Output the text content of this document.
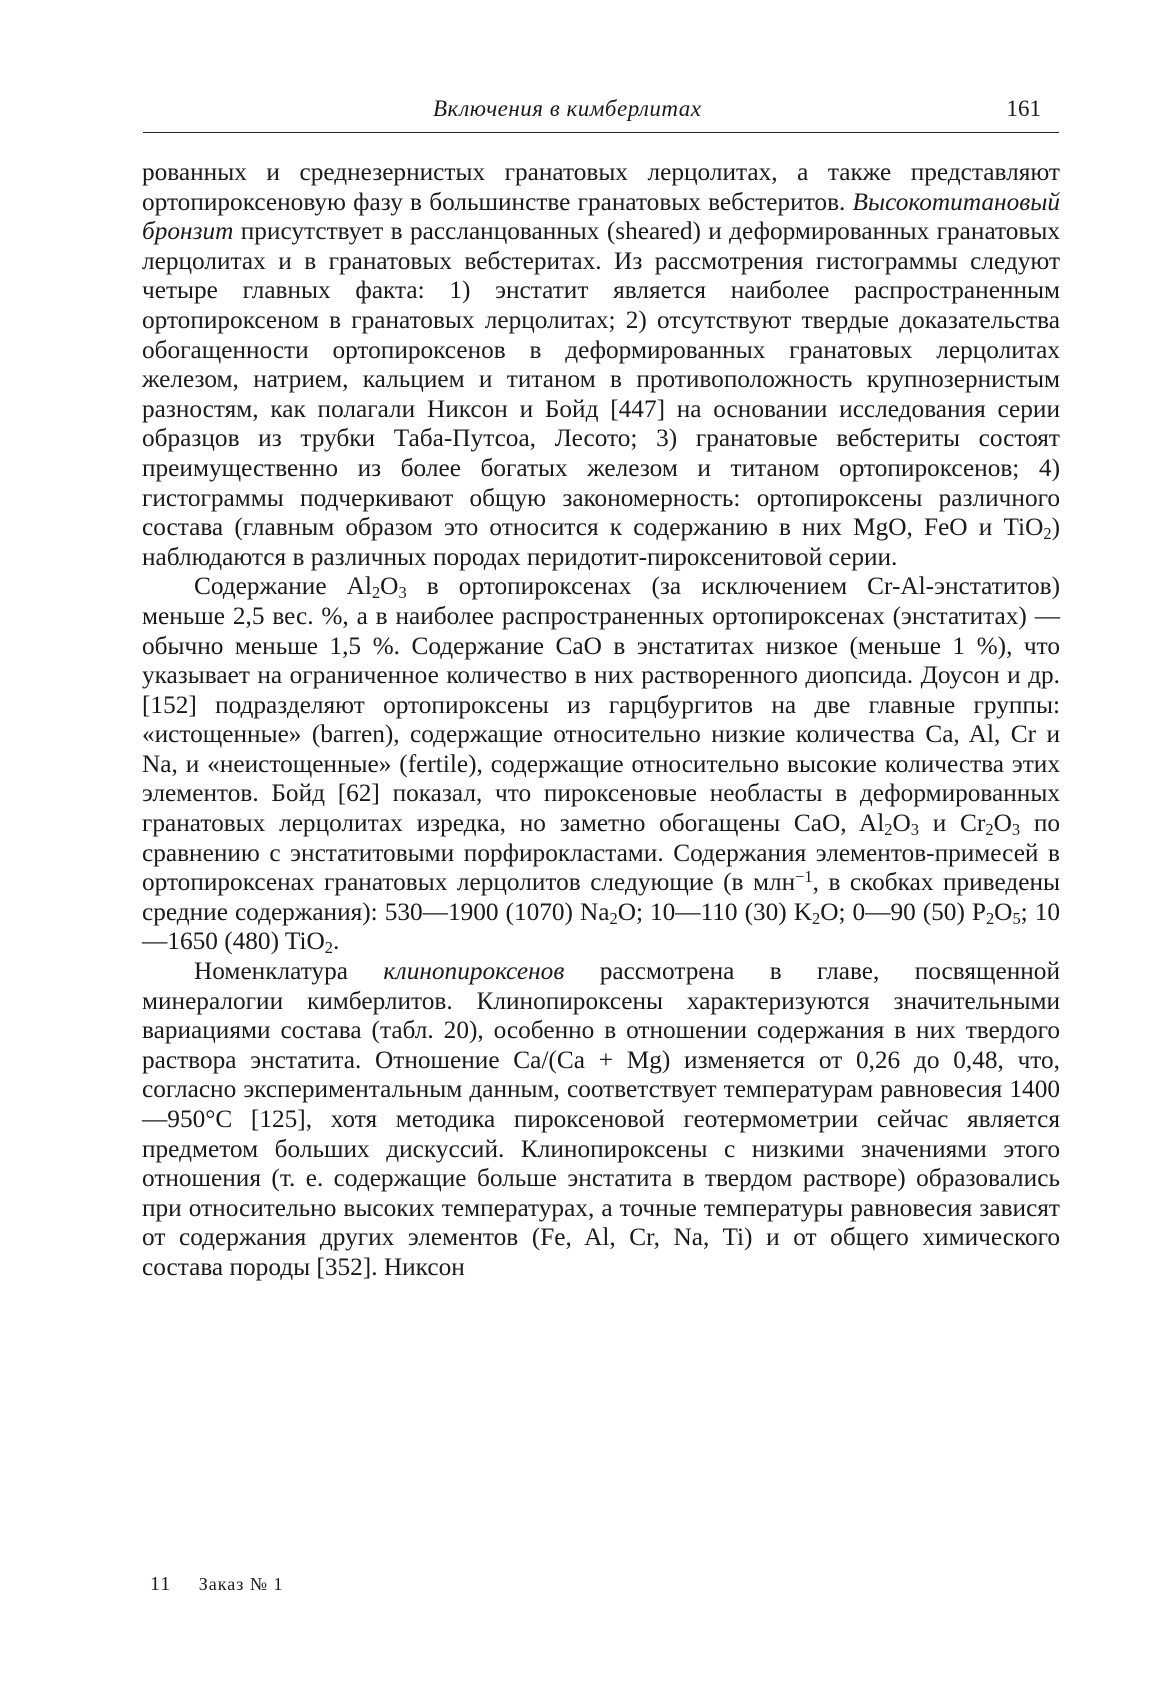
Включения в кимберлитах	161

рованных и среднезернистых гранатовых лерцолитах, а также представляют ортопироксеновую фазу в большинстве гранатовых вебстеритов. Высокотитановый бронзит присутствует в рассланцованных (sheared) и деформированных гранатовых лерцолитах и в гранатовых вебстеритах. Из рассмотрения гистограммы следуют четыре главных факта: 1) энстатит является наиболее распространенным ортопироксеном в гранатовых лерцолитах; 2) отсутствуют твердые доказательства обогащенности ортопироксенов в деформированных гранатовых лерцолитах железом, натрием, кальцием и титаном в противоположность крупнозернистым разностям, как полагали Никсон и Бойд [447] на основании исследования серии образцов из трубки Таба-Путсоа, Лесото; 3) гранатовые вебстериты состоят преимущественно из более богатых железом и титаном ортопироксенов; 4) гистограммы подчеркивают общую закономерность: ортопироксены различного состава (главным образом это относится к содержанию в них MgO, FeO и TiO$_2$) наблюдаются в различных породах перидотит-пироксенитовой серии.

Содержание $Al_2O_3$ в ортопироксенах (за исключением Cr-Al-энстатитов) меньше 2,5 вес. %, а в наиболее распространенных ортопироксенах (энстатитах) — обычно меньше 1,5 %. Содержание CaO в энстатитах низкое (меньше 1 %), что указывает на ограниченное количество в них растворенного диопсида. Доусон и др. [152] подразделяют ортопироксены из гарцбургитов на две главные группы: «истощенные» (barren), содержащие относительно низкие количества Ca, Al, Cr и Na, и «неистощенные» (fertile), содержащие относительно высокие количества этих элементов. Бойд [62] показал, что пироксеновые необласты в деформированных гранатовых лерцолитах изредка, но заметно обогащены CaO, $Al_2O_3$ и $Cr_2O_3$ по сравнению с энстатитовыми порфирокластами. Содержания элементов-примесей в ортопироксенах гранатовых лерцолитов следующие (в млн$^{-1}$, в скобках приведены средние содержания): 530—1900 (1070) $Na_2O$; 10—110 (30) $K_2O$; 0—90 (50) $P_2O_5$; 10—1650 (480) TiO$_2$.

Номенклатура клинопироксенов рассмотрена в главе, посвященной минералогии кимберлитов. Клинопироксены характеризуются значительными вариациями состава (табл. 20), особенно в отношении содержания в них твердого раствора энстатита. Отношение Ca/(Ca + Mg) изменяется от 0,26 до 0,48, что, согласно экспериментальным данным, соответствует температурам равновесия 1400—950°C [125], хотя методика пироксеновой геотермометрии сейчас является предметом больших дискуссий. Клинопироксены с низкими значениями этого отношения (т. е. содержащие больше энстатита в твердом растворе) образовались при относительно высоких температурах, а точные температуры равновесия зависят от содержания других элементов (Fe, Al, Cr, Na, Ti) и от общего химического состава породы [352]. Никсон

11 Заказ № 1
